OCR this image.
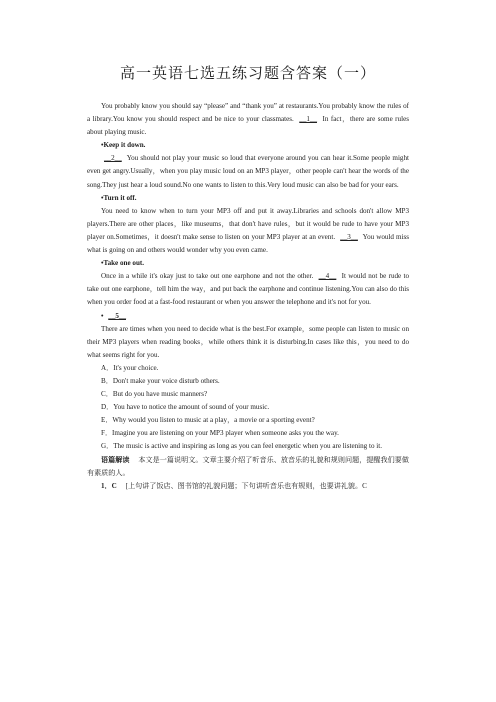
高一英语七选五练习题含答案（一）

You probably know you should say “please” and “thank you” at restaurants.You probably know the rules of a library.You know you should respect and be nice to your classmates. __1__ In fact，there are some rules about playing music.

•Keep it down.

__2__ You should not play your music so loud that everyone around you can hear it.Some people might even get angry.Usually，when you play music loud on an MP3 player，other people can't hear the words of the song.They just hear a loud sound.No one wants to listen to this.Very loud music can also be bad for your ears.

•Turn it off.

You need to know when to turn your MP3 off and put it away.Libraries and schools don't allow MP3 players.There are other places，like museums，that don't have rules，but it would be rude to have your MP3 player on.Sometimes，it doesn't make sense to listen on your MP3 player at an event. __3__ You would miss what is going on and others would wonder why you even came.

•Take one out.

Once in a while it's okay just to take out one earphone and not the other. __4__ It would not be rude to take out one earphone，tell him the way，and put back the earphone and continue listening.You can also do this when you order food at a fast-food restaurant or when you answer the telephone and it's not for you.

• __5__

There are times when you need to decide what is the best.For example，some people can listen to music on their MP3 players when reading books，while others think it is disturbing.In cases like this，you need to do what seems right for you.

A．It's your choice.

B．Don't make your voice disturb others.

C．But do you have music manners?

D．You have to notice the amount of sound of your music.

E．Why would you listen to music at a play，a movie or a sporting event?

F．Imagine you are listening on your MP3 player when someone asks you the way.

G．The music is active and inspiring as long as you can feel energetic when you are listening to it.

语篇解读 　本文是一篇说明文。文章主要介绍了听音乐、放音乐的礼貌和规则问题，提醒我们要做有素质的人。

1．C 　[上句讲了饭店、图书馆的礼貌问题；下句讲听音乐也有规则，也要讲礼貌。C
